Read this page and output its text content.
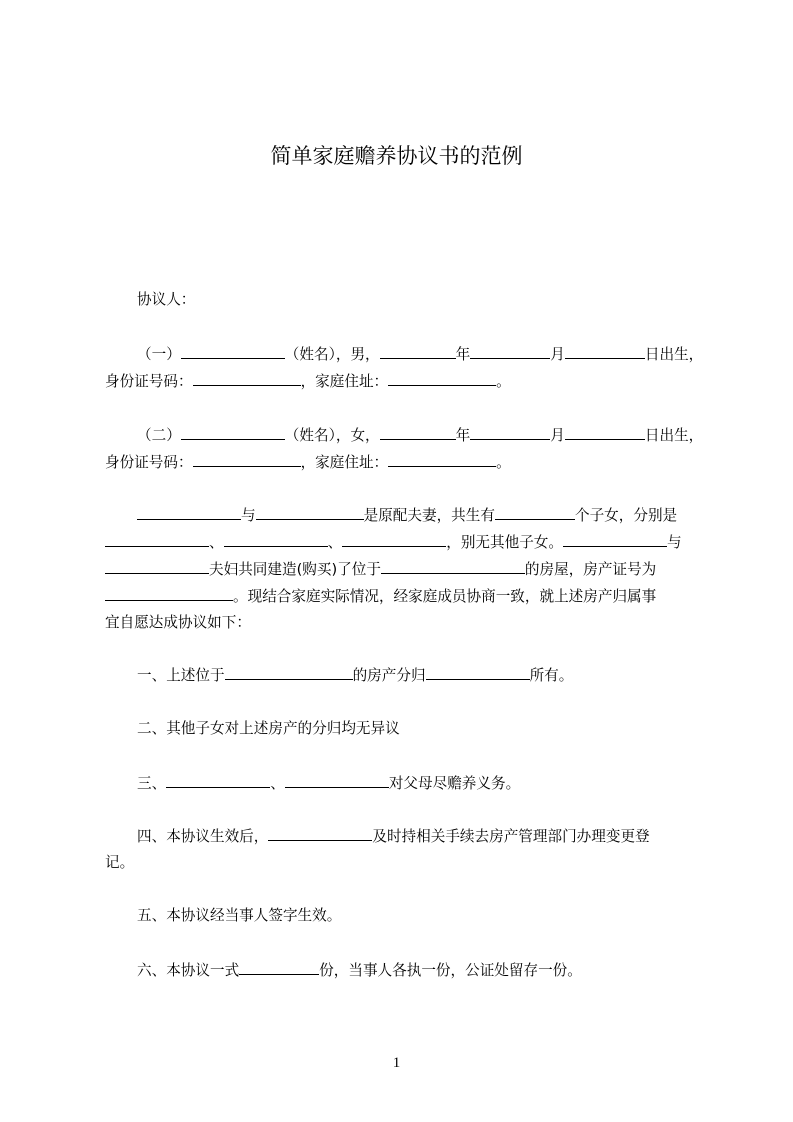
简单家庭赡养协议书的范例
协议人：
（一）	（姓名），男，	年	月	日出生，
身份证号码：	，家庭住址：	。
（二）	（姓名），女，	年	月	日出生，
身份证号码：	，家庭住址：	。
与	是原配夫妻，共生有	个子女，分别是
、	、	，别无其他子女。	与
夫妇共同建造(购买)了位于	的房屋，房产证号为
。现结合家庭实际情况，经家庭成员协商一致，就上述房产归属事
宜自愿达成协议如下：
一、上述位于	的房产分归	所有。
二、其他子女对上述房产的分归均无异议
三、	、	对父母尽赡养义务。
四、本协议生效后，	及时持相关手续去房产管理部门办理变更登
记。
五、本协议经当事人签字生效。
六、本协议一式	份，当事人各执一份，公证处留存一份。
1
